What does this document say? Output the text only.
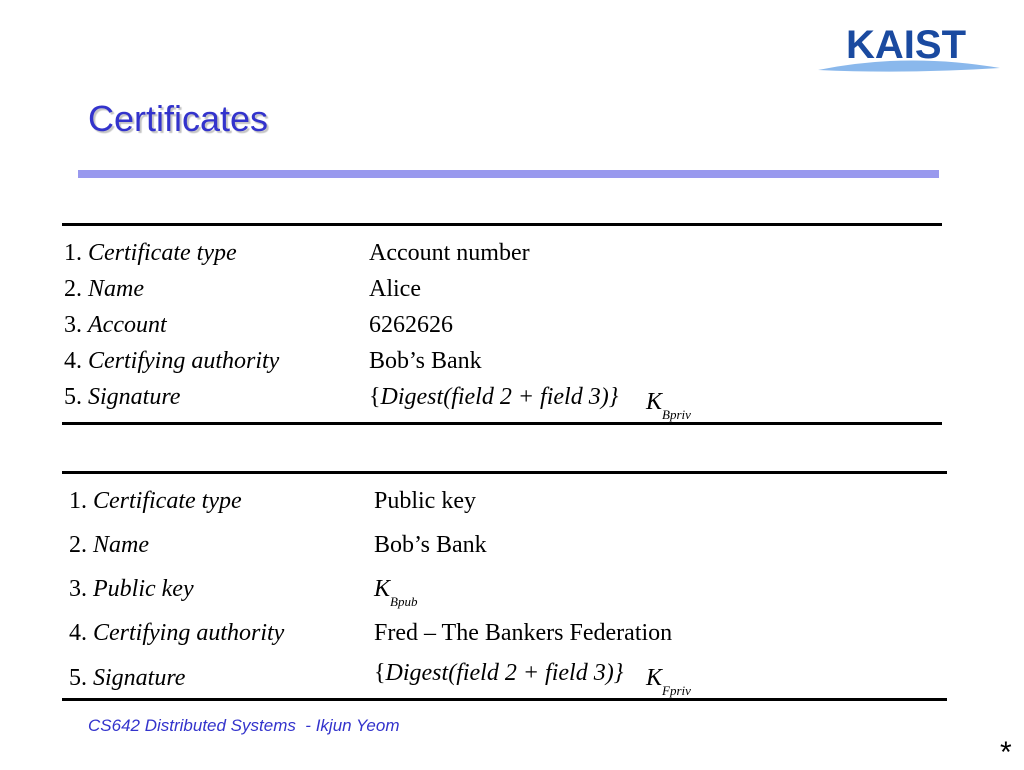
KAIST
Certificates
1. Certificate type	Account number
2. Name	Alice
3. Account	6262626
4. Certifying authority	Bob’s Bank
5. Signature	{Digest(field 2 + field 3)} $K_{Bpriv}$
1. Certificate type	Public key
2. Name	Bob’s Bank
3. Public key	$K_{Bpub}$
4. Certifying authority	Fred – The Bankers Federation
5. Signature	{Digest(field 2 + field 3)} $K_{Fpriv}$
CS642 Distributed Systems  - Ikjun Yeom
*
